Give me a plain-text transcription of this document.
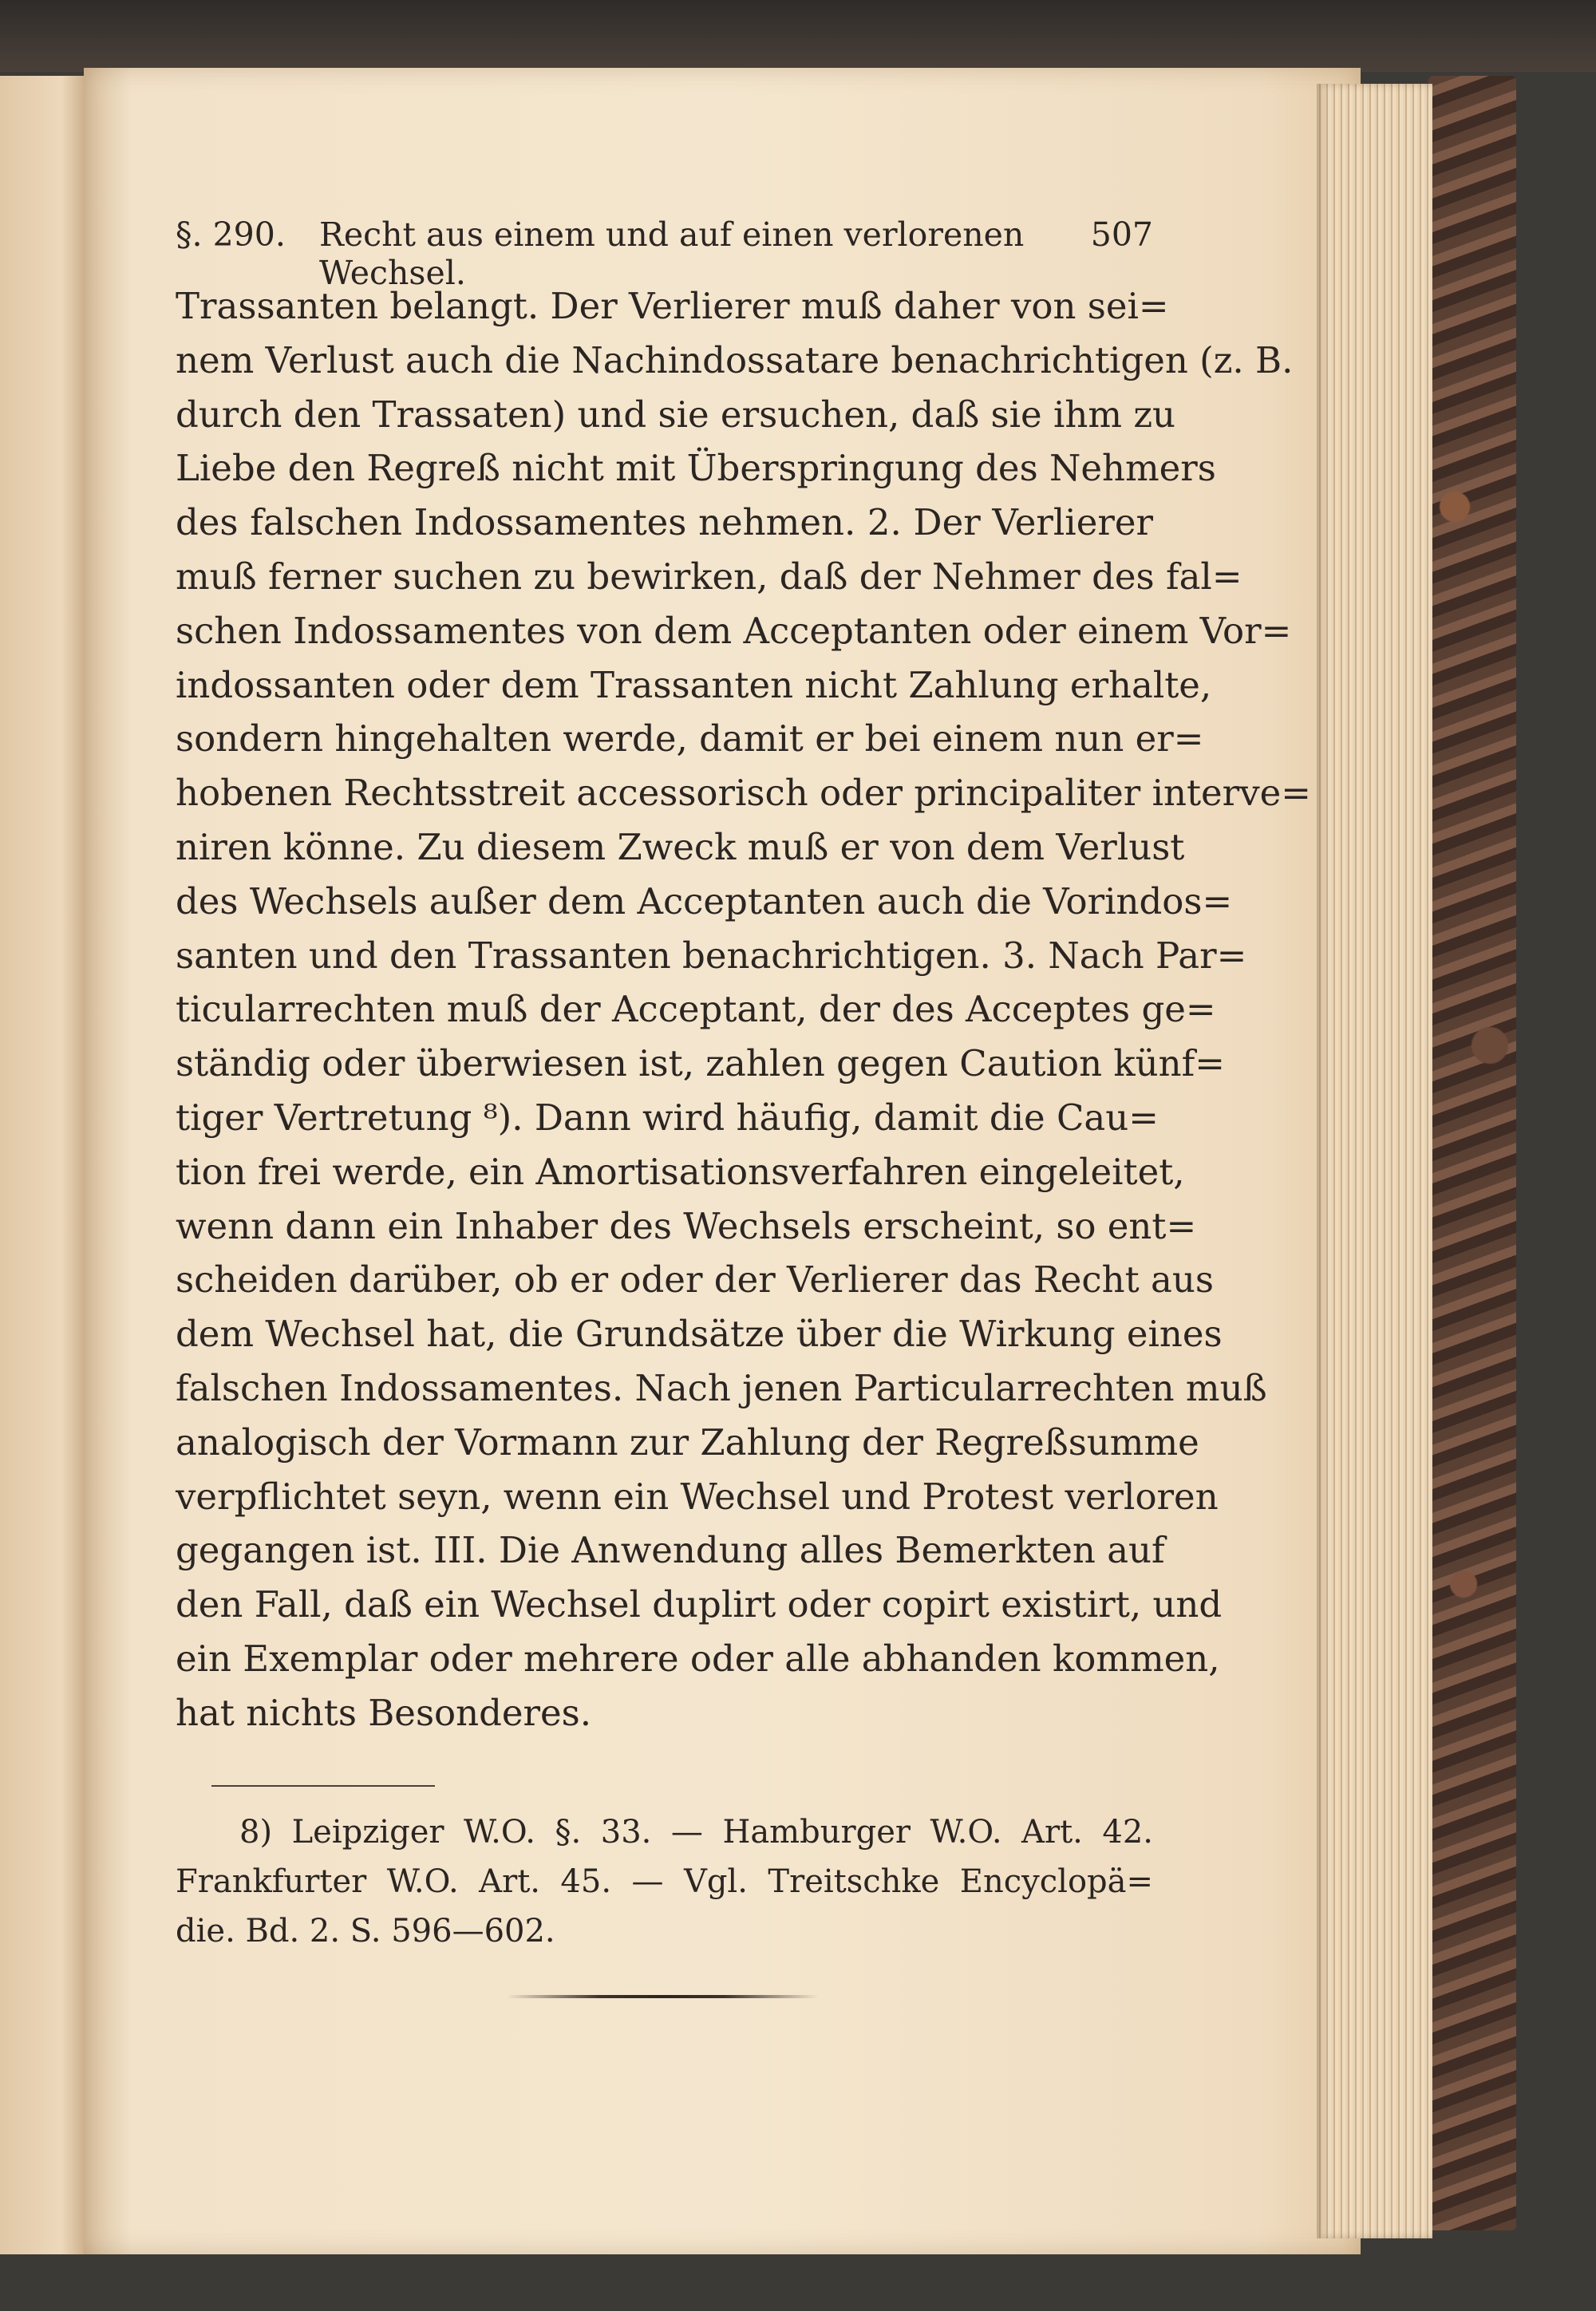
§. 290.	Recht aus einem und auf einen verlorenen Wechsel.
507
Trassanten belangt. Der Verlierer muß daher von sei=
nem Verlust auch die Nachindossatare benachrichtigen (z. B.
durch den Trassaten) und sie ersuchen, daß sie ihm zu
Liebe den Regreß nicht mit Überspringung des Nehmers
des falschen Indossamentes nehmen. 2. Der Verlierer
muß ferner suchen zu bewirken, daß der Nehmer des fal=
schen Indossamentes von dem Acceptanten oder einem Vor=
indossanten oder dem Trassanten nicht Zahlung erhalte,
sondern hingehalten werde, damit er bei einem nun er=
hobenen Rechtsstreit accessorisch oder principaliter interve=
niren könne. Zu diesem Zweck muß er von dem Verlust
des Wechsels außer dem Acceptanten auch die Vorindos=
santen und den Trassanten benachrichtigen. 3. Nach Par=
ticularrechten muß der Acceptant, der des Acceptes ge=
ständig oder überwiesen ist, zahlen gegen Caution künf=
tiger Vertretung ⁸). Dann wird häufig, damit die Cau=
tion frei werde, ein Amortisationsverfahren eingeleitet,
wenn dann ein Inhaber des Wechsels erscheint, so ent=
scheiden darüber, ob er oder der Verlierer das Recht aus
dem Wechsel hat, die Grundsätze über die Wirkung eines
falschen Indossamentes. Nach jenen Particularrechten muß
analogisch der Vormann zur Zahlung der Regreßsumme
verpflichtet seyn, wenn ein Wechsel und Protest verloren
gegangen ist. III. Die Anwendung alles Bemerkten auf
den Fall, daß ein Wechsel duplirt oder copirt existirt, und
ein Exemplar oder mehrere oder alle abhanden kommen,
hat nichts Besonderes.
8) Leipziger W.O. §. 33. — Hamburger W.O. Art. 42.
Frankfurter W.O. Art. 45. — Vgl. Treitschke Encyclopä=
die. Bd. 2. S. 596—602.
